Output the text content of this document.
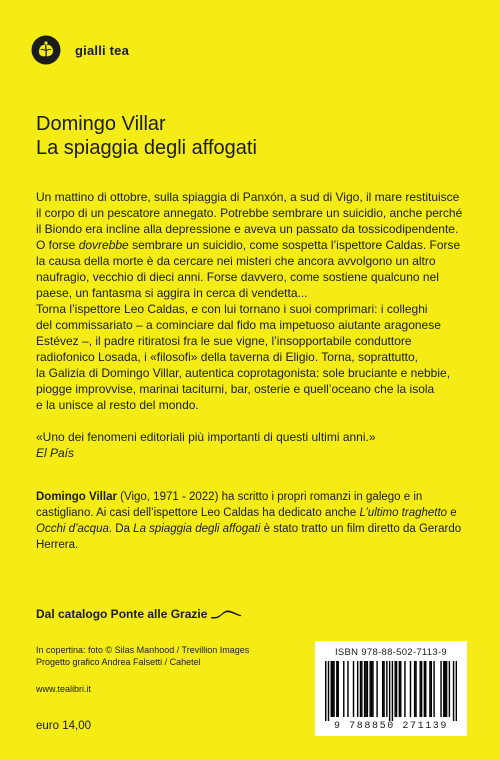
gialli tea
Domingo Villar
La spiaggia degli affogati
Un mattino di ottobre, sulla spiaggia di Panxón, a sud di Vigo, il mare restituisce
il corpo di un pescatore annegato. Potrebbe sembrare un suicidio, anche perché
il Biondo era incline alla depressione e aveva un passato da tossicodipendente.
O forse dovrebbe sembrare un suicidio, come sospetta l’ispettore Caldas. Forse
la causa della morte è da cercare nei misteri che ancora avvolgono un altro
naufragio, vecchio di dieci anni. Forse davvero, come sostiene qualcuno nel
paese, un fantasma si aggira in cerca di vendetta...
Torna l’ispettore Leo Caldas, e con lui tornano i suoi comprimari: i colleghi
del commissariato – a cominciare dal fido ma impetuoso aiutante aragonese
Estévez –, il padre ritiratosi fra le sue vigne, l’insopportabile conduttore
radiofonico Losada, i «filosofi» della taverna di Eligio. Torna, soprattutto,
la Galizia di Domingo Villar, autentica coprotagonista: sole bruciante e nebbie,
piogge improvvise, marinai taciturni, bar, osterie e quell’oceano che la isola
e la unisce al resto del mondo.
«Uno dei fenomeni editoriali più importanti di questi ultimi anni.»
El País
Domingo Villar (Vigo, 1971 - 2022) ha scritto i propri romanzi in galego e in
castigliano. Ai casi dell’ispettore Leo Caldas ha dedicato anche L’ultimo traghetto e
Occhi d’acqua. Da La spiaggia degli affogati è stato tratto un film diretto da Gerardo
Herrera.
Dal catalogo Ponte alle Grazie
In copertina: foto © Silas Manhood / Trevillion Images
Progetto grafico Andrea Falsetti / Cahetel
www.tealibri.it
euro 14,00
ISBN 978-88-502-7113-9
9 788850 271139
